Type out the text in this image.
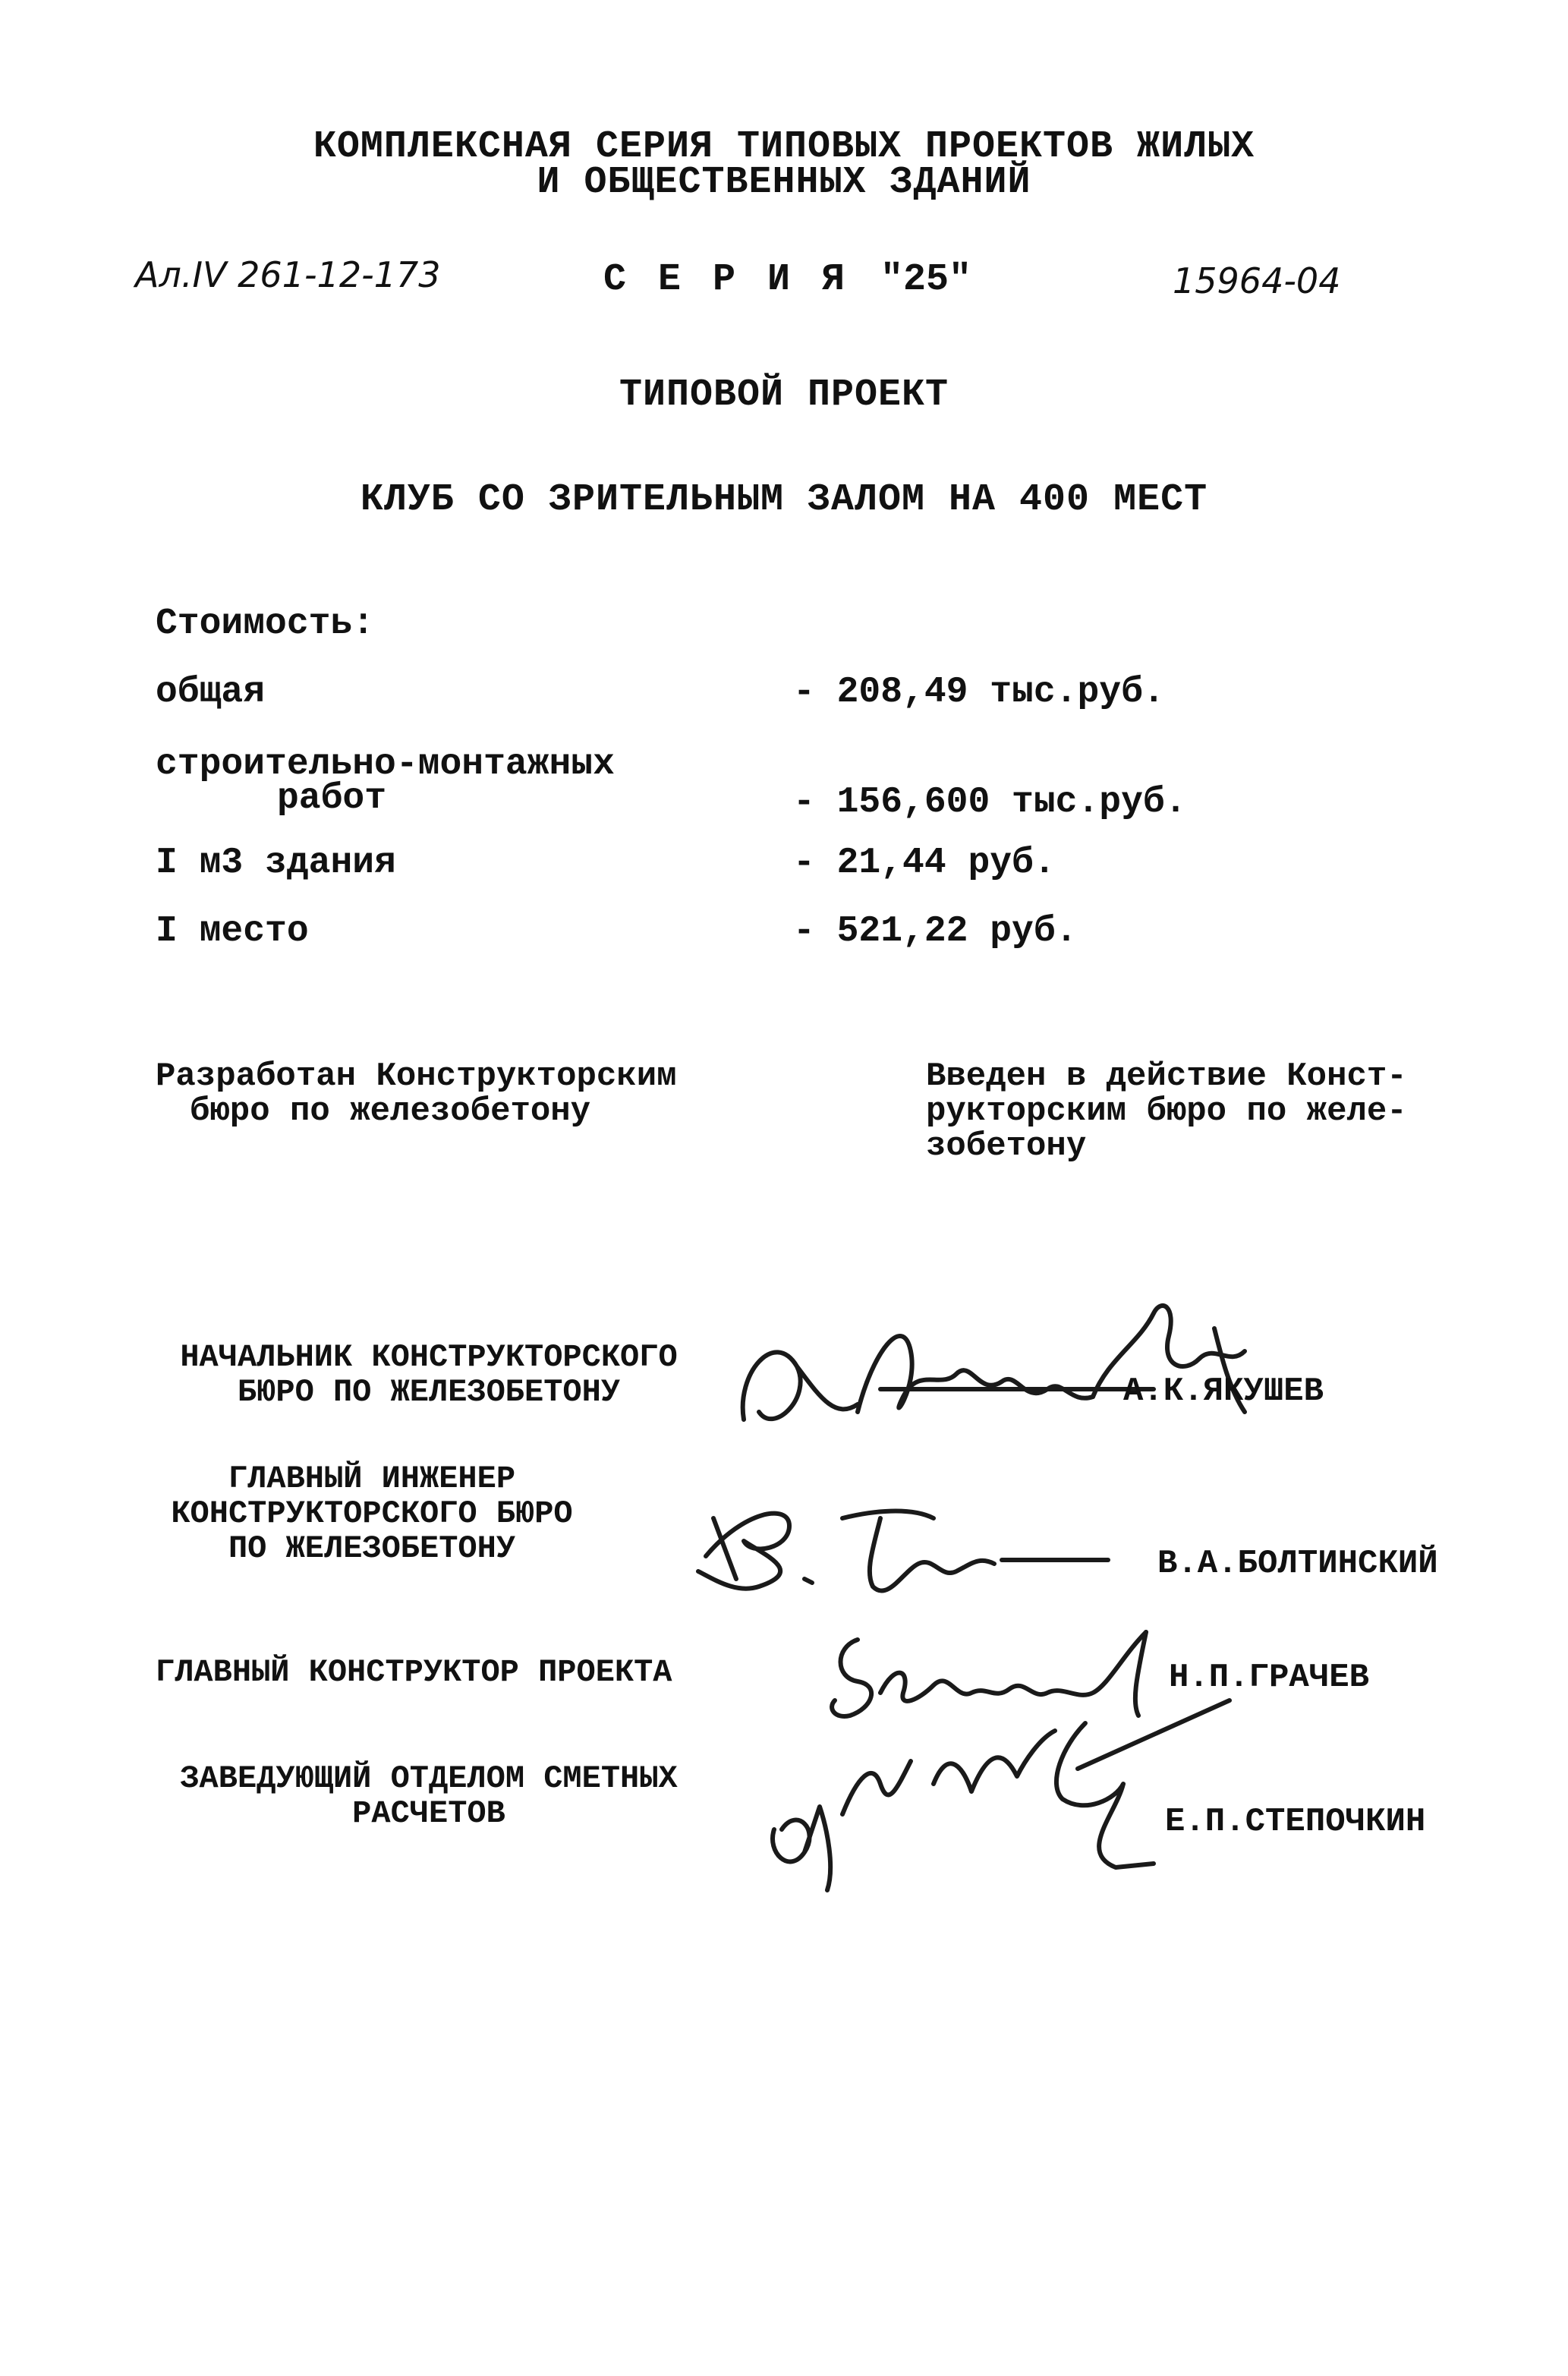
КОМПЛЕКСНАЯ СЕРИЯ ТИПОВЫХ ПРОЕКТОВ ЖИЛЫХ
И ОБЩЕСТВЕННЫХ ЗДАНИЙ
Ал.IV 261-12-173	С Е Р И Я "25"	15964-04
ТИПОВОЙ ПРОЕКТ
КЛУБ СО ЗРИТЕЛЬНЫМ ЗАЛОМ НА 400 МЕСТ
Стоимость:
общая	- 208,49 тыс.руб.
строительно-монтажных
работ	- 156,600 тыс.руб.
I м3 здания	- 21,44 руб.
I место	- 521,22 руб.
Разработан Конструкторским
бюро по железобетону
Введен в действие Конст-
рукторским бюро по желе-
зобетону
НАЧАЛЬНИК КОНСТРУКТОРСКОГО
БЮРО ПО ЖЕЛЕЗОБЕТОНУ	А.К.ЯКУШЕВ
ГЛАВНЫЙ ИНЖЕНЕР
КОНСТРУКТОРСКОГО БЮРО
ПО ЖЕЛЕЗОБЕТОНУ	В.А.БОЛТИНСКИЙ
ГЛАВНЫЙ КОНСТРУКТОР ПРОЕКТА	Н.П.ГРАЧЕВ
ЗАВЕДУЮЩИЙ ОТДЕЛОМ СМЕТНЫХ
РАСЧЕТОВ	Е.П.СТЕПОЧКИН
